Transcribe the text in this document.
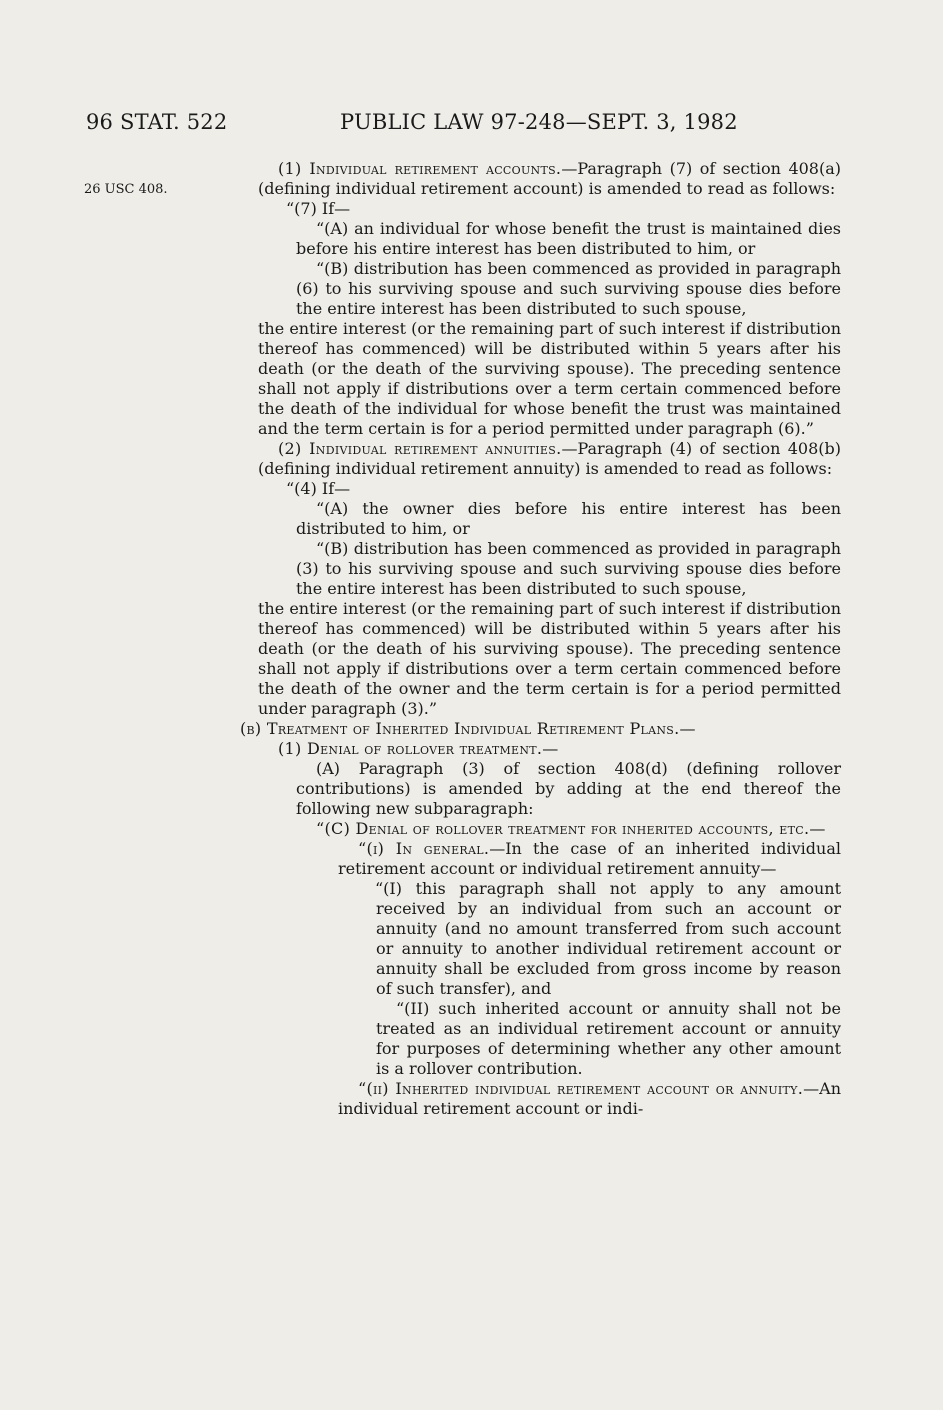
96 STAT. 522	PUBLIC LAW 97-248—SEPT. 3, 1982
26 USC 408.

(1) Individual retirement accounts.—Paragraph (7) of section 408(a) (defining individual retirement account) is amended to read as follows:

“(7) If—

“(A) an individual for whose benefit the trust is maintained dies before his entire interest has been distributed to him, or

“(B) distribution has been commenced as provided in paragraph (6) to his surviving spouse and such surviving spouse dies before the entire interest has been distributed to such spouse,

the entire interest (or the remaining part of such interest if distribution thereof has commenced) will be distributed within 5 years after his death (or the death of the surviving spouse). The preceding sentence shall not apply if distributions over a term certain commenced before the death of the individual for whose benefit the trust was maintained and the term certain is for a period permitted under paragraph (6).”

(2) Individual retirement annuities.—Paragraph (4) of section 408(b) (defining individual retirement annuity) is amended to read as follows:

“(4) If—

“(A) the owner dies before his entire interest has been distributed to him, or

“(B) distribution has been commenced as provided in paragraph (3) to his surviving spouse and such surviving spouse dies before the entire interest has been distributed to such spouse,

the entire interest (or the remaining part of such interest if distribution thereof has commenced) will be distributed within 5 years after his death (or the death of his surviving spouse). The preceding sentence shall not apply if distributions over a term certain commenced before the death of the owner and the term certain is for a period permitted under paragraph (3).”

(b) Treatment of Inherited Individual Retirement Plans.—

(1) Denial of rollover treatment.—

(A) Paragraph (3) of section 408(d) (defining rollover contributions) is amended by adding at the end thereof the following new subparagraph:

“(C) Denial of rollover treatment for inherited accounts, etc.—

“(i) In general.—In the case of an inherited individual retirement account or individual retirement annuity—

“(I) this paragraph shall not apply to any amount received by an individual from such an account or annuity (and no amount transferred from such account or annuity to another individual retirement account or annuity shall be excluded from gross income by reason of such transfer), and

“(II) such inherited account or annuity shall not be treated as an individual retirement account or annuity for purposes of determining whether any other amount is a rollover contribution.

“(ii) Inherited individual retirement account or annuity.—An individual retirement account or indi-
